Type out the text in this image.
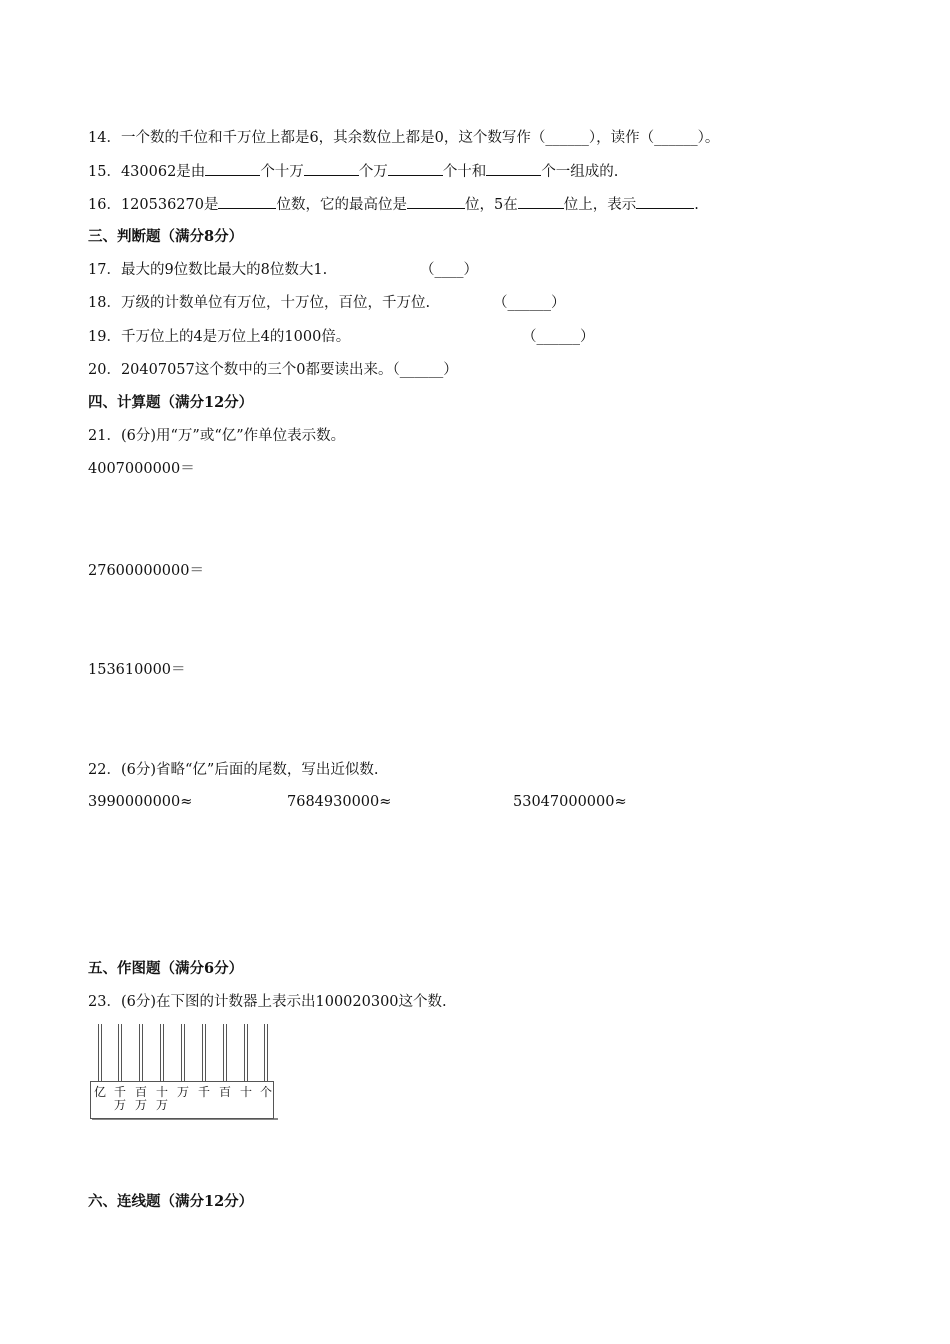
14．一个数的千位和千万位上都是6，其余数位上都是0，这个数写作（______），读作（______）。
15．430062是由	个十万	个万	个十和	个一组成的.
16．120536270是	位数，它的最高位是	位，5在	位上，表示	.
三、判断题（满分8分）
17．最大的9位数比最大的8位数大1.	（____）
18．万级的计数单位有万位，十万位，百位，千万位.	（______）
19．千万位上的4是万位上4的1000倍。	（______）
20．20407057这个数中的三个0都要读出来。（______）
四、计算题（满分12分）
21．(6分)用“万”或“亿”作单位表示数。
4007000000＝
27600000000＝
153610000＝
22．(6分)省略“亿”后面的尾数，写出近似数.
3990000000≈	7684930000≈	53047000000≈
五、作图题（满分6分）
23．(6分)在下图的计数器上表示出100020300这个数.
亿 千
万
百
万
十
万
万 千 百 十 个
六、连线题（满分12分）
